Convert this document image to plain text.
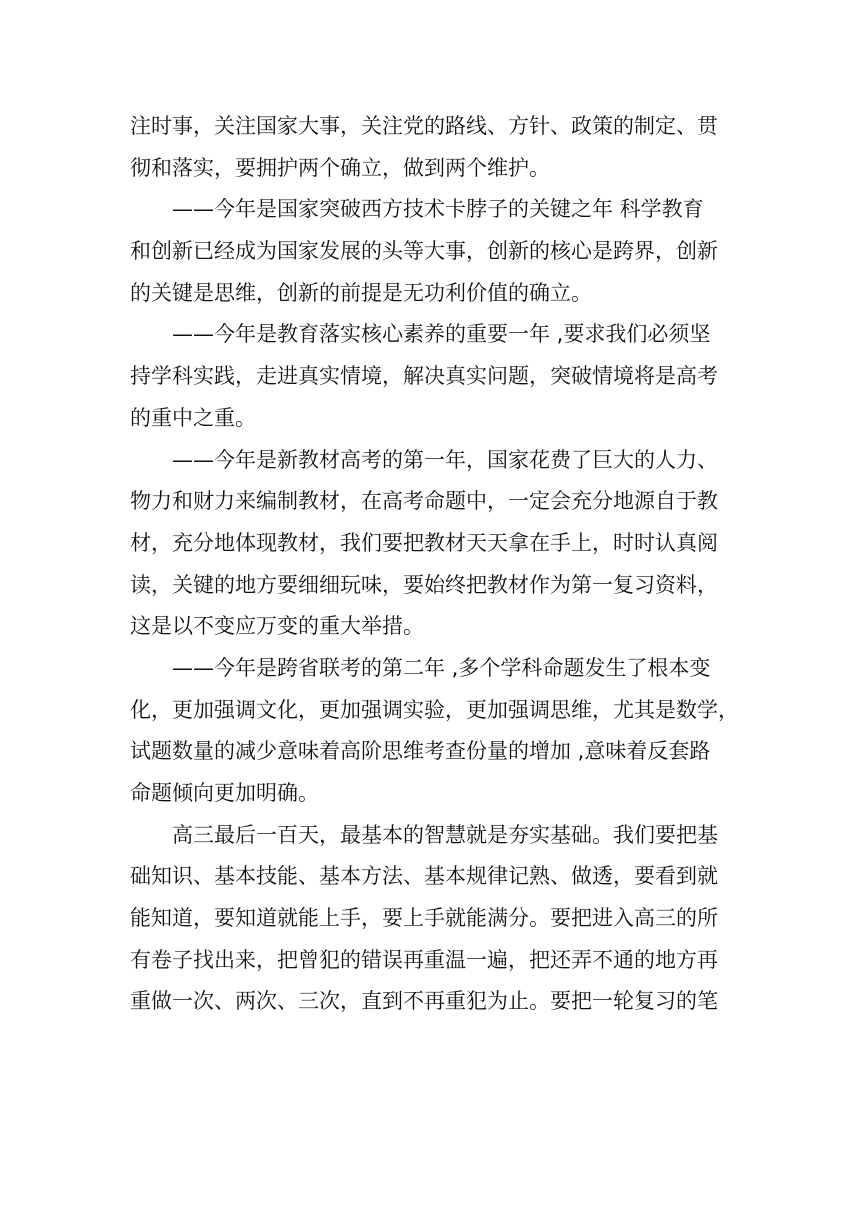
注时事，关注国家大事，关注党的路线、方针、政策的制定、贯
彻和落实，要拥护两个确立，做到两个维护。
——今年是国家突破西方技术卡脖子的关键之年 科学教育
和创新已经成为国家发展的头等大事，创新的核心是跨界，创新
的关键是思维，创新的前提是无功利价值的确立。
——今年是教育落实核心素养的重要一年 ,要求我们必须坚
持学科实践，走进真实情境，解决真实问题，突破情境将是高考
的重中之重。
——今年是新教材高考的第一年，国家花费了巨大的人力、
物力和财力来编制教材，在高考命题中，一定会充分地源自于教
材，充分地体现教材，我们要把教材天天拿在手上，时时认真阅
读，关键的地方要细细玩味，要始终把教材作为第一复习资料，
这是以不变应万变的重大举措。
——今年是跨省联考的第二年 ,多个学科命题发生了根本变
化，更加强调文化，更加强调实验，更加强调思维，尤其是数学，
试题数量的减少意味着高阶思维考查份量的增加 ,意味着反套路
命题倾向更加明确。
高三最后一百天，最基本的智慧就是夯实基础。我们要把基
础知识、基本技能、基本方法、基本规律记熟、做透，要看到就
能知道，要知道就能上手，要上手就能满分。要把进入高三的所
有卷子找出来，把曾犯的错误再重温一遍，把还弄不通的地方再
重做一次、两次、三次，直到不再重犯为止。要把一轮复习的笔
